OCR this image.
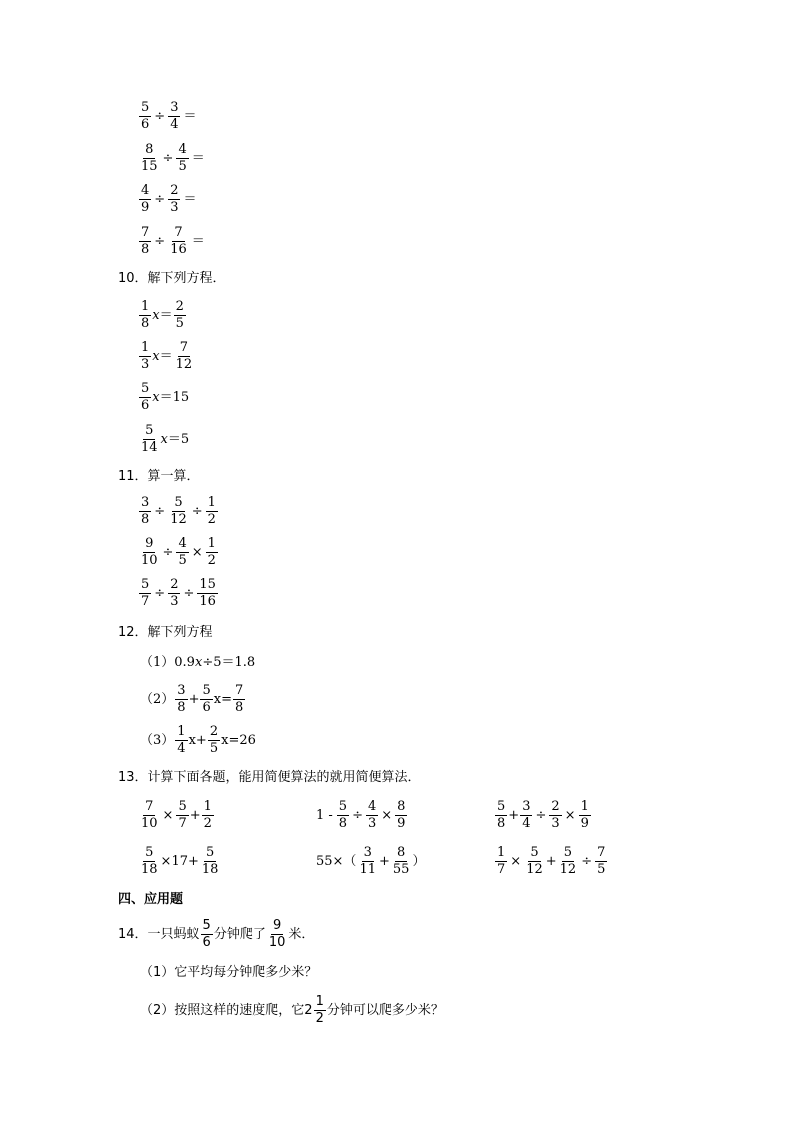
$\frac{5}{6} \div \frac{3}{4}$ ＝
$\frac{8}{15} \div \frac{4}{5}$ ＝
$\frac{4}{9} \div \frac{2}{3}$ ＝
$\frac{7}{8} \div \frac{7}{16}$ ＝
10．解下列方程．
$\frac{1}{8}$ $x = \frac{2}{5}$
$\frac{1}{3}$ $x = \frac{7}{12}$
$\frac{5}{6}$ x ＝ 15
$\frac{5}{14}$ x ＝ 5
11．算一算．
$\frac{3}{8} \div \frac{5}{12} \div \frac{1}{2}$
$\frac{9}{10} \div \frac{4}{5} \times \frac{1}{2}$
$\frac{5}{7} \div \frac{2}{3} \div \frac{15}{16}$
12．解下列方程
（1） 0.9 x ÷5＝1.8
$(2) \frac{3}{8} + \frac{5}{6}$ $x = \frac{7}{8}$
$(3) \frac{1}{4}$ $x + \frac{2}{5}$ x =26
13．计算下面各题，能用简便算法的就用简便算法．
$\frac{7}{10} \times \frac{5}{7} + \frac{1}{2}$	$1 - \frac{5}{8} \div \frac{4}{3} \times \frac{8}{9}$	$\frac{5}{8} + \frac{3}{4} \div \frac{2}{3} \times \frac{1}{9}$
$\frac{5}{18} \times 17+ \frac{5}{18}$	$55\times( \frac{3}{11} + \frac{8}{55}$ ）	$\frac{1}{7} \times \frac{5}{12} + \frac{5}{12} \div \frac{7}{5}$
四、应用题
14．一只蚂蚁 $\frac{5}{6}$ 分钟爬了 $\frac{9}{10}$ 米．
（1）它平均每分钟爬多少米？
（2）按照这样的速度爬，它 $2 \frac{1}{2}$ 分钟可以爬多少米？
